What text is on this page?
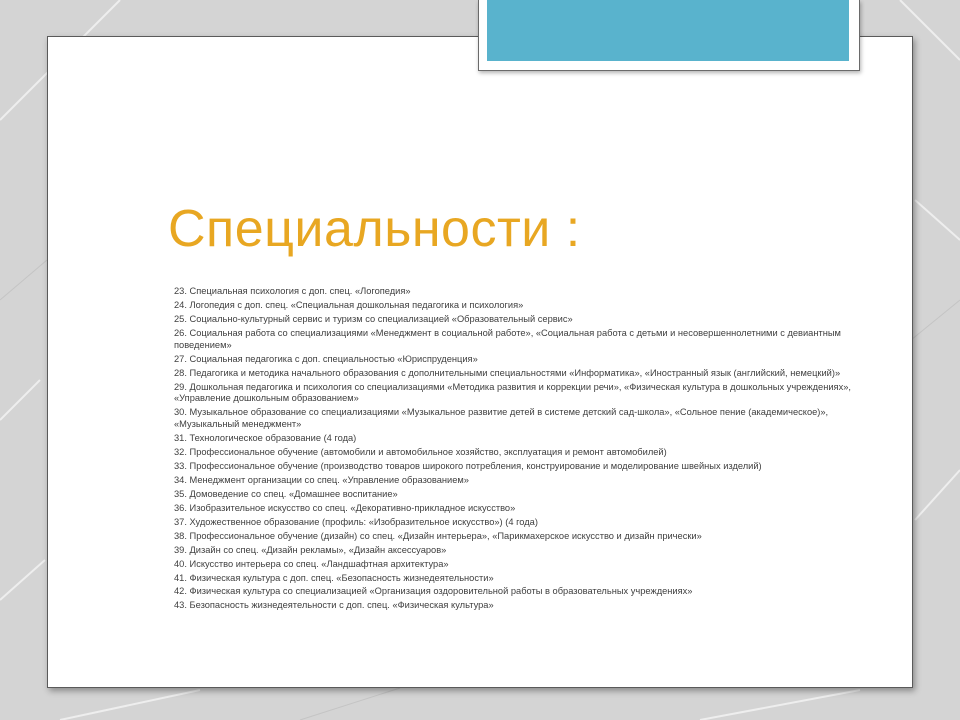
Специальности :
23. Специальная психология с доп. спец. «Логопедия»
24. Логопедия с доп. спец. «Специальная дошкольная педагогика и психология»
25. Социально-культурный сервис и туризм со специализацией «Образовательный сервис»
26. Социальная работа со специализациями «Менеджмент в социальной работе», «Социальная работа с детьми и несовершеннолетними с девиантным поведением»
27. Социальная педагогика с доп. специальностью «Юриспруденция»
28. Педагогика и методика начального образования с дополнительными специальностями «Информатика», «Иностранный язык (английский, немецкий)»
29. Дошкольная педагогика и психология со специализациями «Методика развития и коррекции речи», «Физическая культура в дошкольных учреждениях», «Управление дошкольным образованием»
30. Музыкальное образование со специализациями «Музыкальное развитие детей в системе детский сад-школа», «Сольное пение (академическое)», «Музыкальный менеджмент»
31. Технологическое образование (4 года)
32. Профессиональное обучение (автомобили и автомобильное хозяйство, эксплуатация и ремонт автомобилей)
33. Профессиональное обучение (производство товаров широкого потребления, конструирование и моделирование швейных изделий)
34. Менеджмент организации со спец. «Управление образованием»
35. Домоведение со спец. «Домашнее воспитание»
36. Изобразительное искусство со спец. «Декоративно-прикладное искусство»
37. Художественное образование (профиль: «Изобразительное искусство») (4 года)
38. Профессиональное обучение (дизайн) со спец. «Дизайн интерьера», «Парикмахерское искусство и дизайн прически»
39. Дизайн со спец. «Дизайн рекламы», «Дизайн аксессуаров»
40. Искусство интерьера со спец. «Ландшафтная архитектура»
41. Физическая культура с доп. спец. «Безопасность жизнедеятельности»
42. Физическая культура со специализацией «Организация оздоровительной работы в образовательных учреждениях»
43. Безопасность жизнедеятельности с доп. спец. «Физическая культура»
